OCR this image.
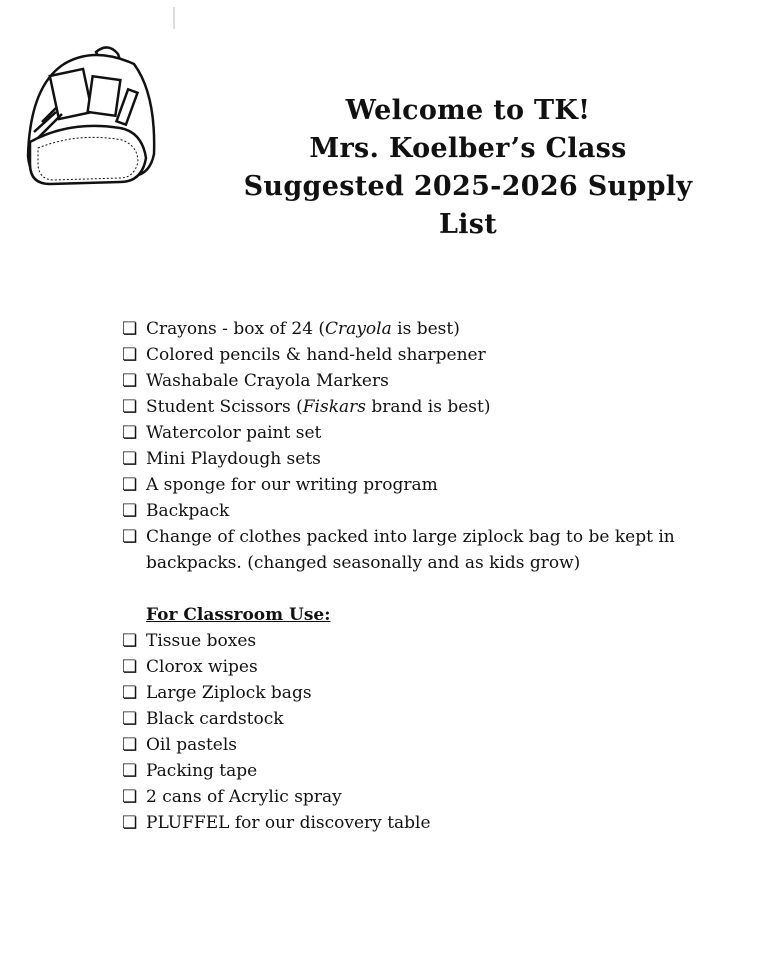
Welcome to TK!
Mrs. Koelber’s Class
Suggested 2025-2026 Supply List
❏ Crayons - box of 24 (Crayola is best)
❏ Colored pencils & hand-held sharpener
❏ Washabale Crayola Markers
❏ Student Scissors (Fiskars brand is best)
❏ Watercolor paint set
❏ Mini Playdough sets
❏ A sponge for our writing program
❏ Backpack
❏ Change of clothes packed into large ziplock bag to be kept in backpacks. (changed seasonally and as kids grow)
For Classroom Use:
❏ Tissue boxes
❏ Clorox wipes
❏ Large Ziplock bags
❏ Black cardstock
❏ Oil pastels
❏ Packing tape
❏ 2 cans of Acrylic spray
❏ PLUFFEL for our discovery table
